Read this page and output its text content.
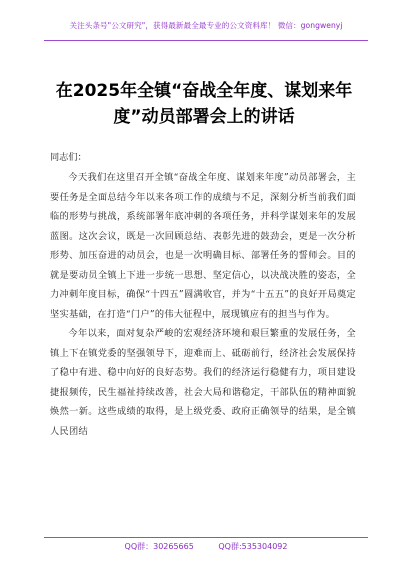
关注头条号"公文研究"，获得最新最全最专业的公文资料库！ 微信：gongwenyj
在2025年全镇“奋战全年度、谋划来年度”动员部署会上的讲话
同志们：

今天我们在这里召开全镇“奋战全年度、谋划来年度”动员部署会，主要任务是全面总结今年以来各项工作的成绩与不足，深刻分析当前我们面临的形势与挑战，系统部署年底冲刺的各项任务，并科学谋划来年的发展蓝图。这次会议，既是一次回顾总结、表彰先进的鼓劲会，更是一次分析形势、加压奋进的动员会，也是一次明确目标、部署任务的誓师会。目的就是要动员全镇上下进一步统一思想、坚定信心，以决战决胜的姿态，全力冲刺年度目标，确保“十四五”圆满收官，并为“十五五”的良好开局奠定坚实基础，在打造“门户”的伟大征程中，展现镇应有的担当与作为。

今年以来，面对复杂严峻的宏观经济环境和艰巨繁重的发展任务，全镇上下在镇党委的坚强领导下，迎难而上、砥砺前行，经济社会发展保持了稳中有进、稳中向好的良好态势。我们的经济运行稳健有力，项目建设捷报频传，民生福祉持续改善，社会大局和谐稳定，干部队伍的精神面貌焕然一新。这些成绩的取得，是上级党委、政府正确领导的结果，是全镇人民团结

QQ群：30265665	QQ群:535304092
